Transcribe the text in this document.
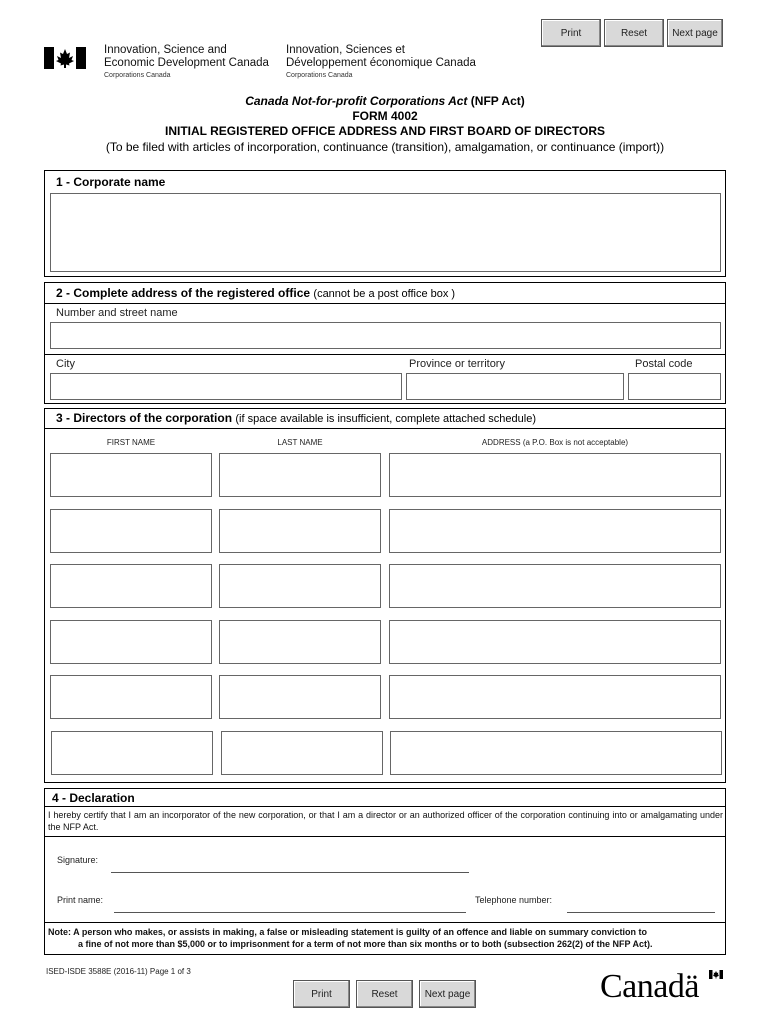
Print	Reset	Next page
Innovation, Science and
Economic Development Canada
Corporations Canada
Innovation, Sciences et
Développement économique Canada
Corporations Canada
Canada Not-for-profit Corporations Act (NFP Act)
FORM 4002
INITIAL REGISTERED OFFICE ADDRESS AND FIRST BOARD OF DIRECTORS
(To be filed with articles of incorporation, continuance (transition), amalgamation, or continuance (import))
1 - Corporate name
2 - Complete address of the registered office (cannot be a post office box )
Number and street name
City	Province or territory	Postal code
3 - Directors of the corporation (if space available is insufficient, complete attached schedule)
FIRST NAME	LAST NAME	ADDRESS (a P.O. Box is not acceptable)
4 - Declaration
I hereby certify that I am an incorporator of the new corporation, or that I am a director or an authorized officer of the corporation continuing into or amalgamating under the NFP Act.
Signature:
Print name:	Telephone number:
Note: A person who makes, or assists in making, a false or misleading statement is guilty of an offence and liable on summary conviction to
a fine of not more than $5,000 or to imprisonment for a term of not more than six months or to both (subsection 262(2) of the NFP Act).
ISED-ISDE 3588E (2016-11) Page 1 of 3
Print	Reset	Next page	Canadä
